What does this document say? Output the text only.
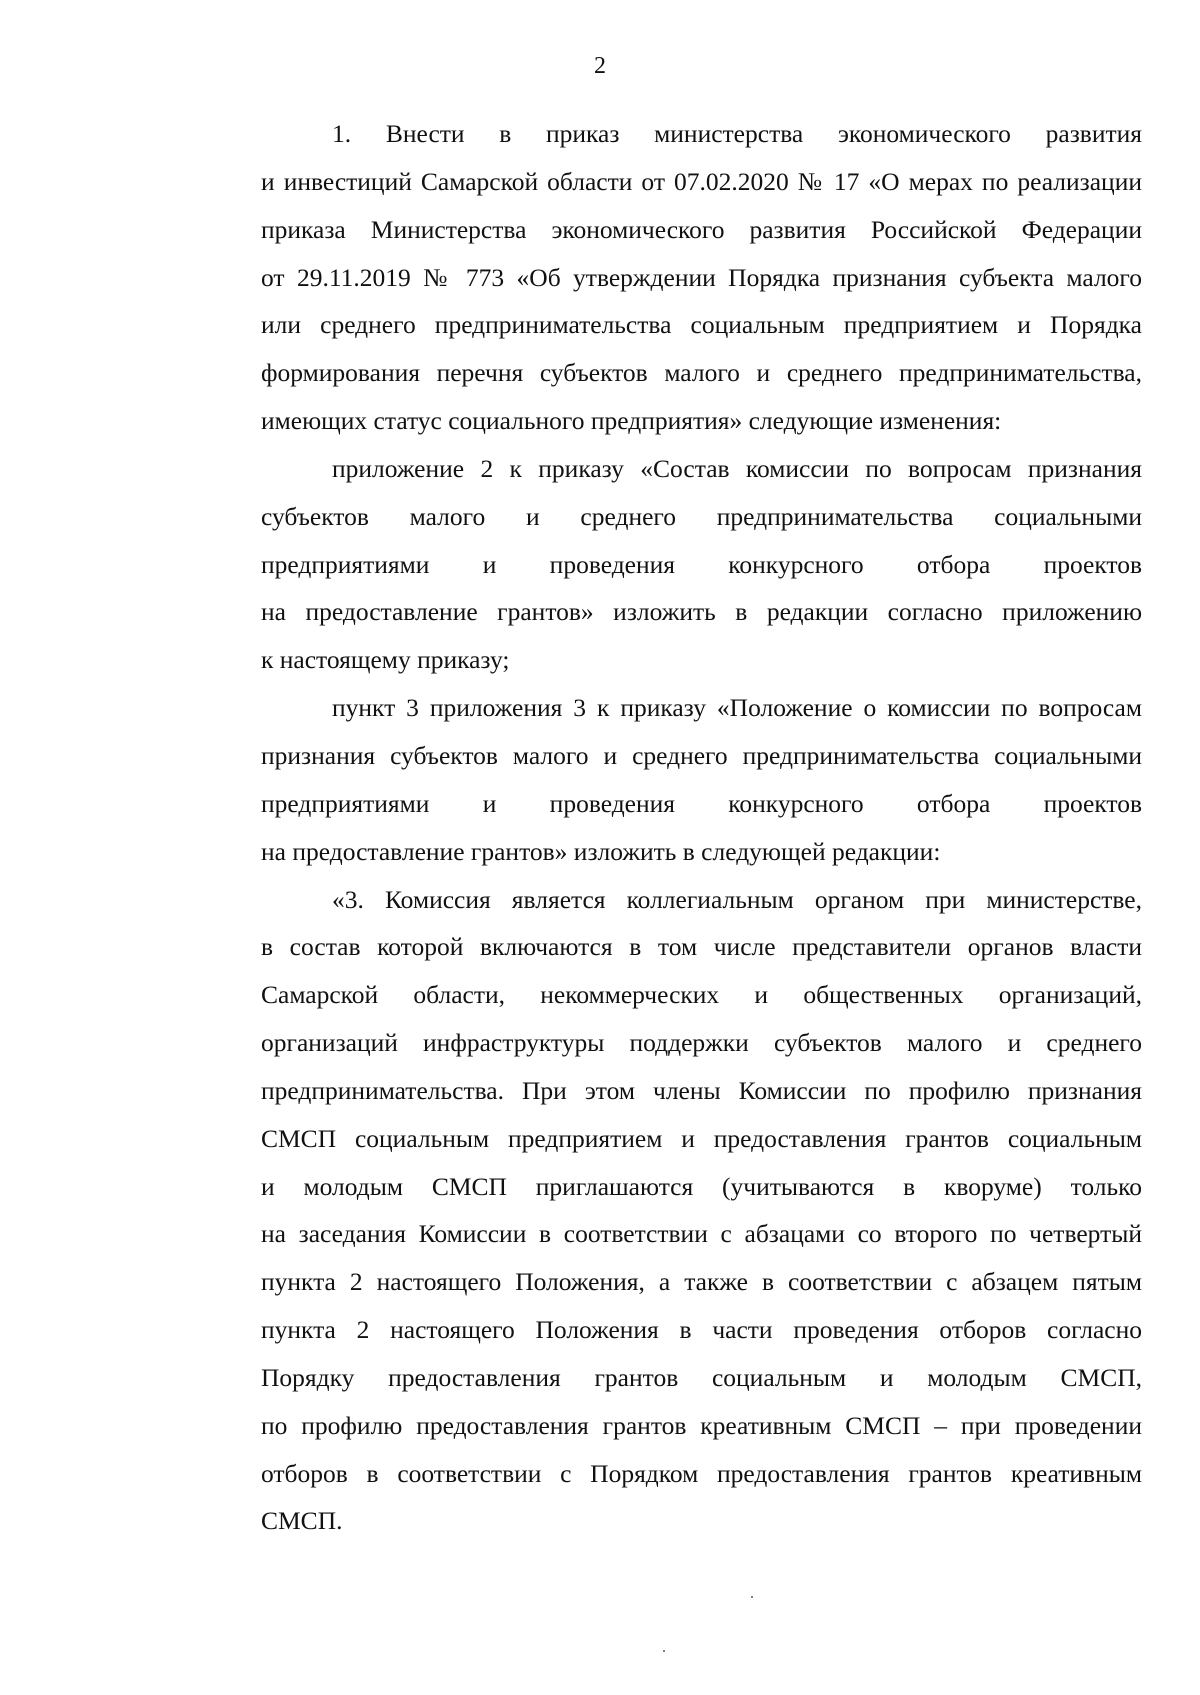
2
1. Внести в приказ министерства экономического развития
и инвестиций Самарской области от 07.02.2020 № 17 «О мерах по реализации
приказа Министерства экономического развития Российской Федерации
от 29.11.2019 № 773 «Об утверждении Порядка признания субъекта малого
или среднего предпринимательства социальным предприятием и Порядка
формирования перечня субъектов малого и среднего предпринимательства,
имеющих статус социального предприятия» следующие изменения:
приложение 2 к приказу «Состав комиссии по вопросам признания
субъектов малого и среднего предпринимательства социальными
предприятиями и проведения конкурсного отбора проектов
на предоставление грантов» изложить в редакции согласно приложению
к настоящему приказу;
пункт 3 приложения 3 к приказу «Положение о комиссии по вопросам
признания субъектов малого и среднего предпринимательства социальными
предприятиями и проведения конкурсного отбора проектов
на предоставление грантов» изложить в следующей редакции:
«3. Комиссия является коллегиальным органом при министерстве,
в состав которой включаются в том числе представители органов власти
Самарской области, некоммерческих и общественных организаций,
организаций инфраструктуры поддержки субъектов малого и среднего
предпринимательства. При этом члены Комиссии по профилю признания
СМСП социальным предприятием и предоставления грантов социальным
и молодым СМСП приглашаются (учитываются в кворуме) только
на заседания Комиссии в соответствии с абзацами со второго по четвертый
пункта 2 настоящего Положения, а также в соответствии с абзацем пятым
пункта 2 настоящего Положения в части проведения отборов согласно
Порядку предоставления грантов социальным и молодым СМСП,
по профилю предоставления грантов креативным СМСП – при проведении
отборов в соответствии с Порядком предоставления грантов креативным
СМСП.
